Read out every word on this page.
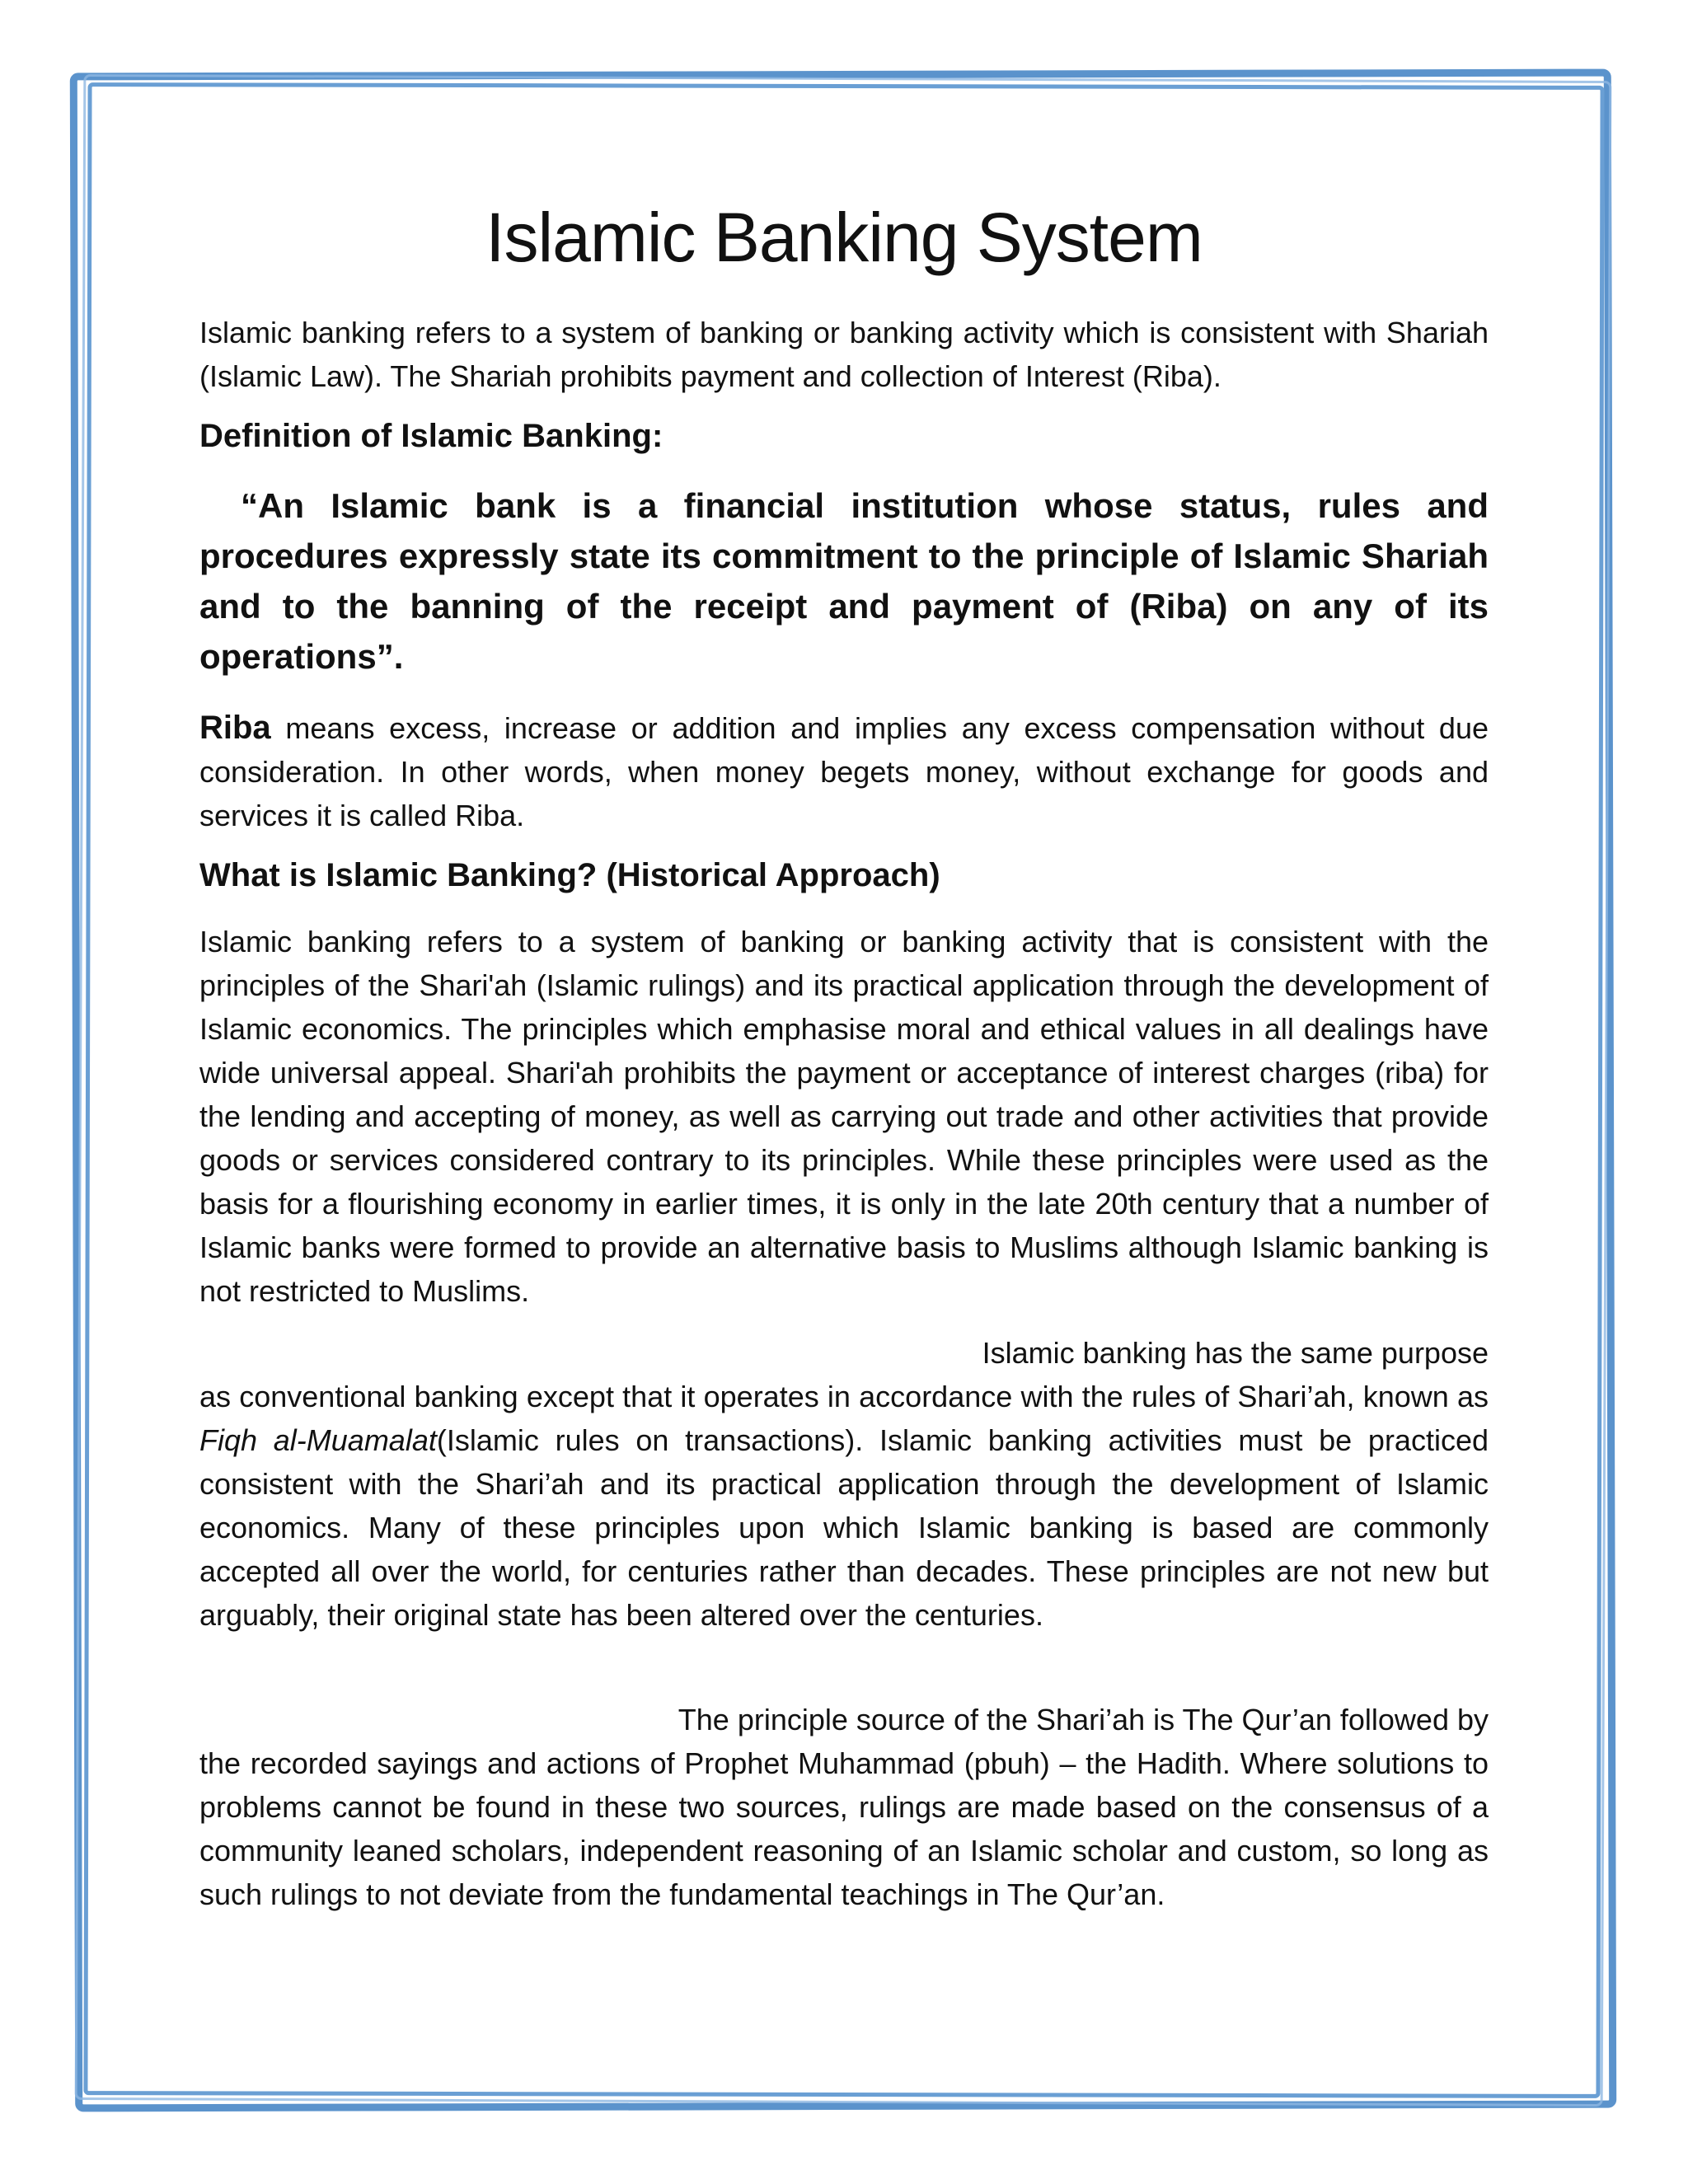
Islamic Banking System

Islamic banking refers to a system of banking or banking activity which is consistent with Shariah (Islamic Law). The Shariah prohibits payment and collection of Interest (Riba).

Definition of Islamic Banking:

“An Islamic bank is a financial institution whose status, rules and procedures expressly state its commitment to the principle of Islamic Shariah and to the banning of the receipt and payment of (Riba) on any of its operations”.

Riba means excess, increase or addition and implies any excess compensation without due consideration. In other words, when money begets money, without exchange for goods and services it is called Riba.

What is Islamic Banking? (Historical Approach)

Islamic banking refers to a system of banking or banking activity that is consistent with the principles of the Shari'ah (Islamic rulings) and its practical application through the development of Islamic economics. The principles which emphasise moral and ethical values in all dealings have wide universal appeal. Shari'ah prohibits the payment or acceptance of interest charges (riba) for the lending and accepting of money, as well as carrying out trade and other activities that provide goods or services considered contrary to its principles. While these principles were used as the basis for a flourishing economy in earlier times, it is only in the late 20th century that a number of Islamic banks were formed to provide an alternative basis to Muslims although Islamic banking is not restricted to Muslims.

Islamic banking has the same purpose
as conventional banking except that it operates in accordance with the rules of Shari’ah, known as Fiqh al-Muamalat(Islamic rules on transactions). Islamic banking activities must be practiced consistent with the Shari’ah and its practical application through the development of Islamic economics. Many of these principles upon which Islamic banking is based are commonly accepted all over the world, for centuries rather than decades. These principles are not new but arguably, their original state has been altered over the centuries.
The principle source of the Shari’ah is The Qur’an followed by
the recorded sayings and actions of Prophet Muhammad (pbuh) – the Hadith. Where solutions to problems cannot be found in these two sources, rulings are made based on the consensus of a community leaned scholars, independent reasoning of an Islamic scholar and custom, so long as such rulings to not deviate from the fundamental teachings in The Qur’an.
